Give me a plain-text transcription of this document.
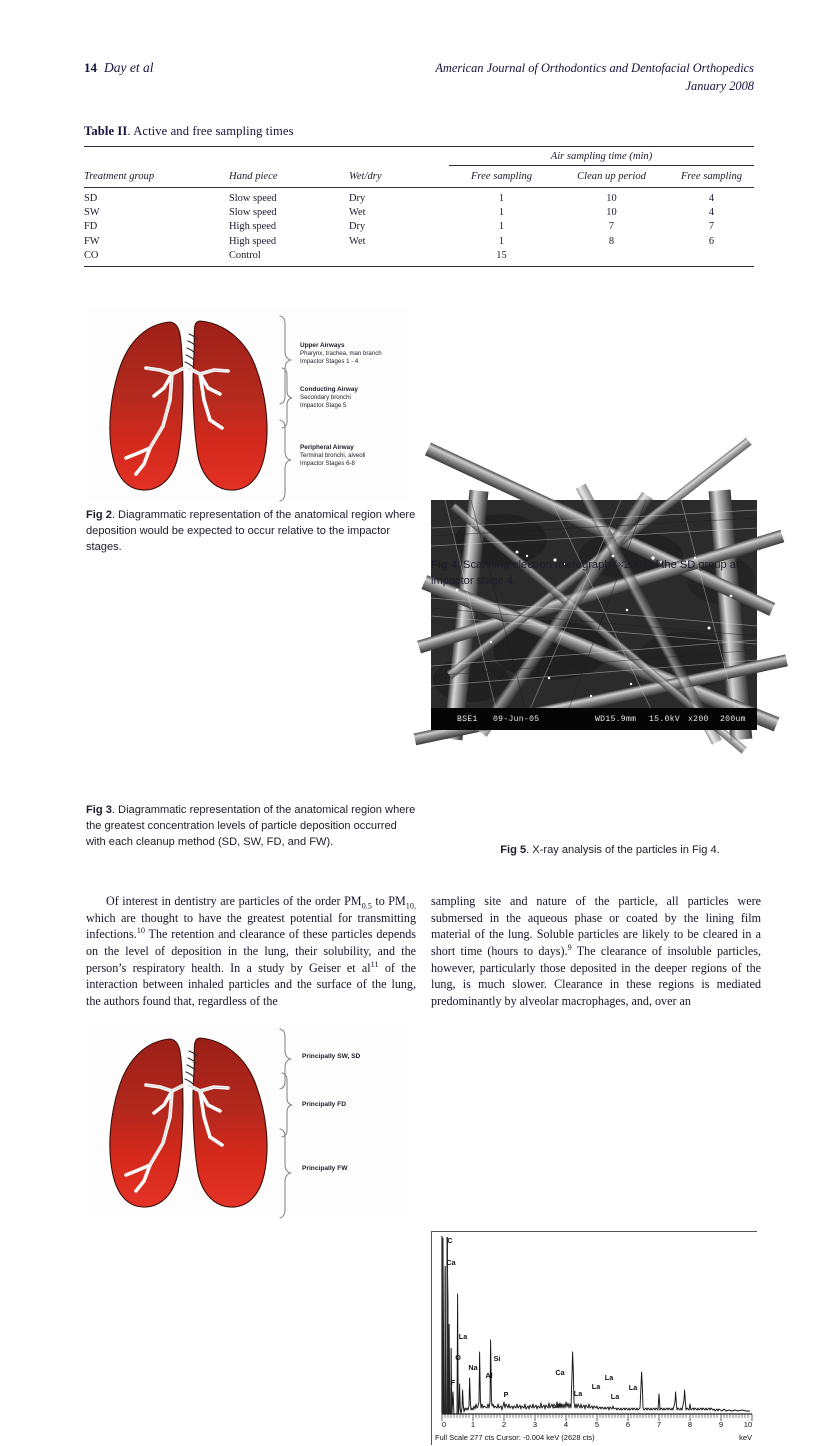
14 Day et al	American Journal of Orthodontics and Dentofacial Orthopedics
January 2008
Table II. Active and free sampling times
			Air sampling time (min)		
Treatment group	Hand piece	Wet/dry	Free sampling	Clean up period	Free sampling
SD	Slow speed	Dry	1	10	4
SW	Slow speed	Wet	1	10	4
FD	High speed	Dry	1	7	7
FW	High speed	Wet	1	8	6
CO	Control		15		
Upper Airways
Pharynx, trachea, man branch
Impactor Stages 1 - 4
Conducting Airway
Secondary bronchi
Impactor Stage 5
Peripheral Airway
Terminal bronchi, alveoli
Impactor Stages 6-8
Fig 2. Diagrammatic representation of the anatomical region where deposition would be expected to occur relative to the impactor stages.
BSE1 09-Jun-05	WD15.9mm 15.0kV x200 200um
Fig 4. Scanning electron micrograph (×200) of the SD group at impactor stage 4.
Principally SW, SD
Principally FD
Principally FW
Fig 3. Diagrammatic representation of the anatomical region where the greatest concentration levels of particle deposition occurred with each cleanup method (SD, SW, FD, and FW).
C
Ca
La
O
F
Na
Al
Si
P
Ca
La
La
La
La
La
0	1	2	3	4	5	6	7	8	9	10
Full Scale 277 cts Cursor: -0.004 keV (2628 cts)	keV
Fig 5. X-ray analysis of the particles in Fig 4.

Of interest in dentistry are particles of the order $PM_{0.5}$ to $PM_{10,}$ which are thought to have the greatest potential for transmitting infections.$^{10}$ The retention and clearance of these particles depends on the level of deposition in the lung, their solubility, and the person’s respiratory health. In a study by Geiser et $al^{11}$ of the interaction between inhaled particles and the surface of the lung, the authors found that, regardless of the

sampling site and nature of the particle, all particles were submersed in the aqueous phase or coated by the lining film material of the lung. Soluble particles are likely to be cleared in a short time (hours to days).$^9$ The clearance of insoluble particles, however, particularly those deposited in the deeper regions of the lung, is much slower. Clearance in these regions is mediated predominantly by alveolar macrophages, and, over an
